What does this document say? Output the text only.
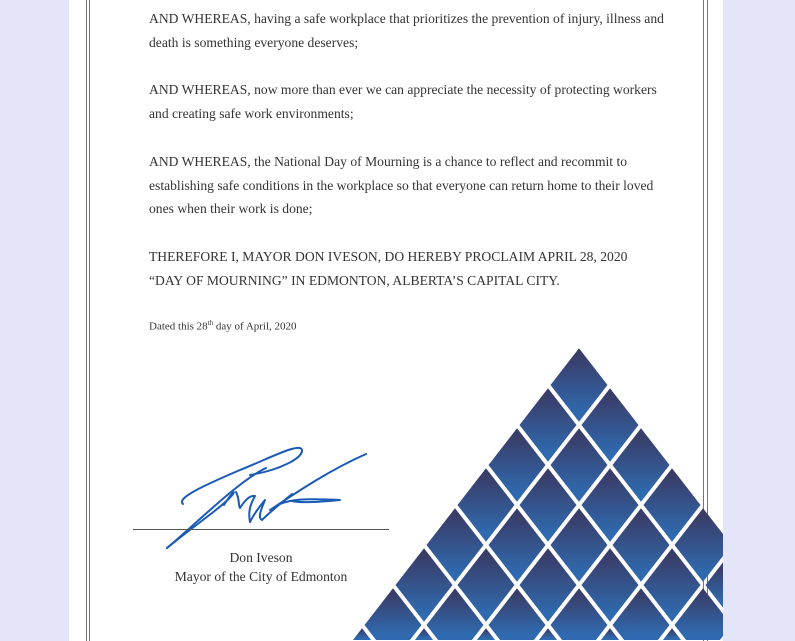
AND WHEREAS, having a safe workplace that prioritizes the prevention of injury, illness and
death is something everyone deserves;
AND WHEREAS, now more than ever we can appreciate the necessity of protecting workers
and creating safe work environments;
AND WHEREAS, the National Day of Mourning is a chance to reflect and recommit to
establishing safe conditions in the workplace so that everyone can return home to their loved
ones when their work is done;
THEREFORE I, MAYOR DON IVESON, DO HEREBY PROCLAIM APRIL 28, 2020
“DAY OF MOURNING” IN EDMONTON, ALBERTA’S CAPITAL CITY.
Dated this 28th day of April, 2020
Don Iveson
Mayor of the City of Edmonton
